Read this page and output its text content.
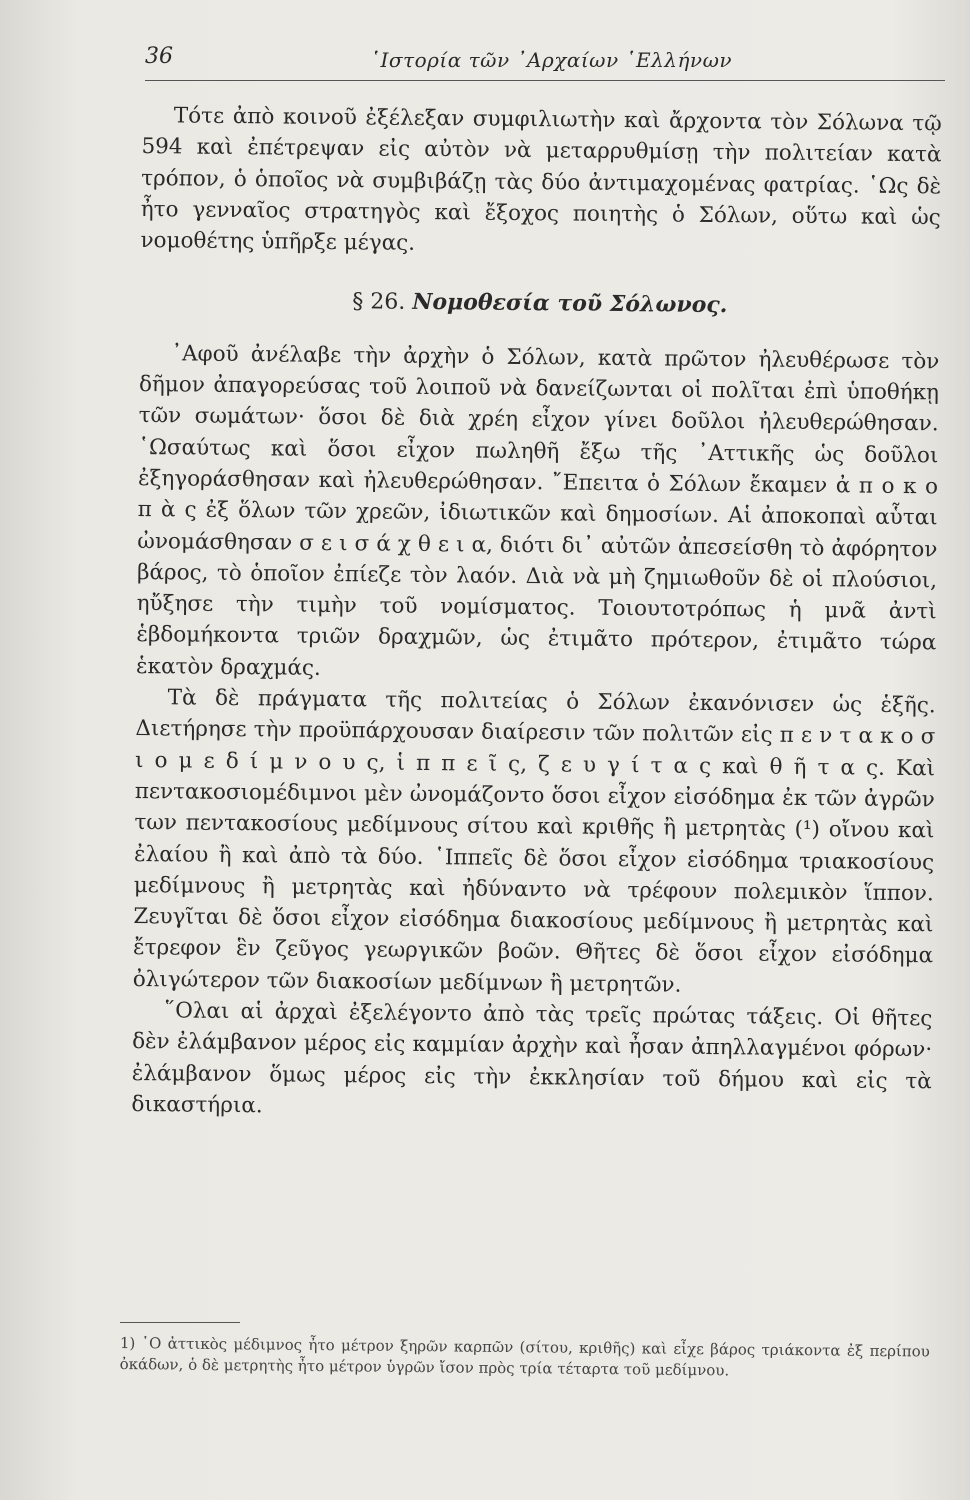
36	῾Ιστορία τῶν ᾿Αρχαίων ῾Ελλήνων

Τότε ἀπὸ κοινοῦ ἐξέλεξαν συμφιλιωτὴν καὶ ἄρχοντα τὸν Σόλωνα τῷ 594 καὶ ἐπέτρεψαν εἰς αὐτὸν νὰ μεταρρυθμίσῃ τὴν πολιτείαν κατὰ τρόπον, ὁ ὁποῖος νὰ συμβιβάζῃ τὰς δύο ἀντιμαχομένας φατρίας. ῾Ως δὲ ἦτο γενναῖος στρατηγὸς καὶ ἔξοχος ποιητὴς ὁ Σόλων, οὕτω καὶ ὡς νομοθέτης ὑπῆρξε μέγας.

§ 26. Νομοθεσία τοῦ Σόλωνος.

᾿Αφοῦ ἀνέλαβε τὴν ἀρχὴν ὁ Σόλων, κατὰ πρῶτον ἠλευθέρωσε τὸν δῆμον ἀπαγορεύσας τοῦ λοιποῦ νὰ δανείζωνται οἱ πολῖται ἐπὶ ὑποθήκῃ τῶν σωμάτων· ὅσοι δὲ διὰ χρέη εἶχον γίνει δοῦλοι ἠλευθερώθησαν. ῾Ωσαύτως καὶ ὅσοι εἶχον πωληθῆ ἔξω τῆς ᾿Αττικῆς ὡς δοῦλοι ἐξηγοράσθησαν καὶ ἠλευθερώθησαν. ῎Επειτα ὁ Σόλων ἔκαμεν ἀ π ο κ ο π ὰ ς ἐξ ὅλων τῶν χρεῶν, ἰδιωτικῶν καὶ δημοσίων. Αἱ ἀποκοπαὶ αὗται ὠνομάσθησαν σ ε ι σ ά χ θ ε ι α, διότι δι᾿ αὐτῶν ἀπεσείσθη τὸ ἀφόρητον βάρος, τὸ ὁποῖον ἐπίεζε τὸν λαόν. Διὰ νὰ μὴ ζημιωθοῦν δὲ οἱ πλούσιοι, ηὔξησε τὴν τιμὴν τοῦ νομίσματος. Τοιουτοτρόπως ἡ μνᾶ ἀντὶ ἑβδομήκοντα τριῶν δραχμῶν, ὡς ἐτιμᾶτο πρότερον, ἐτιμᾶτο τώρα ἑκατὸν δραχμάς.

Τὰ δὲ πράγματα τῆς πολιτείας ὁ Σόλων ἐκανόνισεν ὡς ἑξῆς. Διετήρησε τὴν προϋπάρχουσαν διαίρεσιν τῶν πολιτῶν εἰς π ε ν τ α κ ο σ ι ο μ ε δ ί μ ν ο υ ς, ἱ π π ε ῖ ς, ζ ε υ γ ί τ α ς καὶ θ ῆ τ α ς. Καὶ πεντακοσιομέδιμνοι μὲν ὠνομάζοντο ὅσοι εἶχον εἰσόδημα ἐκ τῶν ἀγρῶν των πεντακοσίους μεδίμνους σίτου καὶ κριθῆς ἢ μετρητὰς (¹) οἴνου καὶ ἐλαίου ἢ καὶ ἀπὸ τὰ δύο. ῾Ιππεῖς δὲ ὅσοι εἶχον εἰσόδημα τριακοσίους μεδίμνους ἢ μετρητὰς καὶ ἠδύναντο νὰ τρέφουν πολεμικὸν ἵππον. Ζευγῖται δὲ ὅσοι εἶχον εἰσόδημα διακοσίους μεδίμνους ἢ μετρητὰς καὶ ἔτρεφον ἓν ζεῦγος γεωργικῶν βοῶν. Θῆτες δὲ ὅσοι εἶχον εἰσόδημα ὀλιγώτερον τῶν διακοσίων μεδίμνων ἢ μετρητῶν.

῞Ολαι αἱ ἀρχαὶ ἐξελέγοντο ἀπὸ τὰς τρεῖς πρώτας τάξεις. Οἱ θῆτες δὲν ἐλάμβανον μέρος εἰς καμμίαν ἀρχὴν καὶ ἦσαν ἀπηλλαγμένοι φόρων· ἐλάμβανον ὅμως μέρος εἰς τὴν ἐκκλησίαν τοῦ δήμου καὶ εἰς τὰ δικαστήρια.

1) ῾Ο ἀττικὸς μέδιμνος ἦτο μέτρον ξηρῶν καρπῶν (σίτου, κριθῆς) καὶ εἶχε βάρος τριάκοντα ἐξ περίπου ὀκάδων, ὁ δὲ μετρητὴς ἦτο μέτρον ὑγρῶν ἴσον πρὸς τρία τέταρτα τοῦ μεδίμνου.
